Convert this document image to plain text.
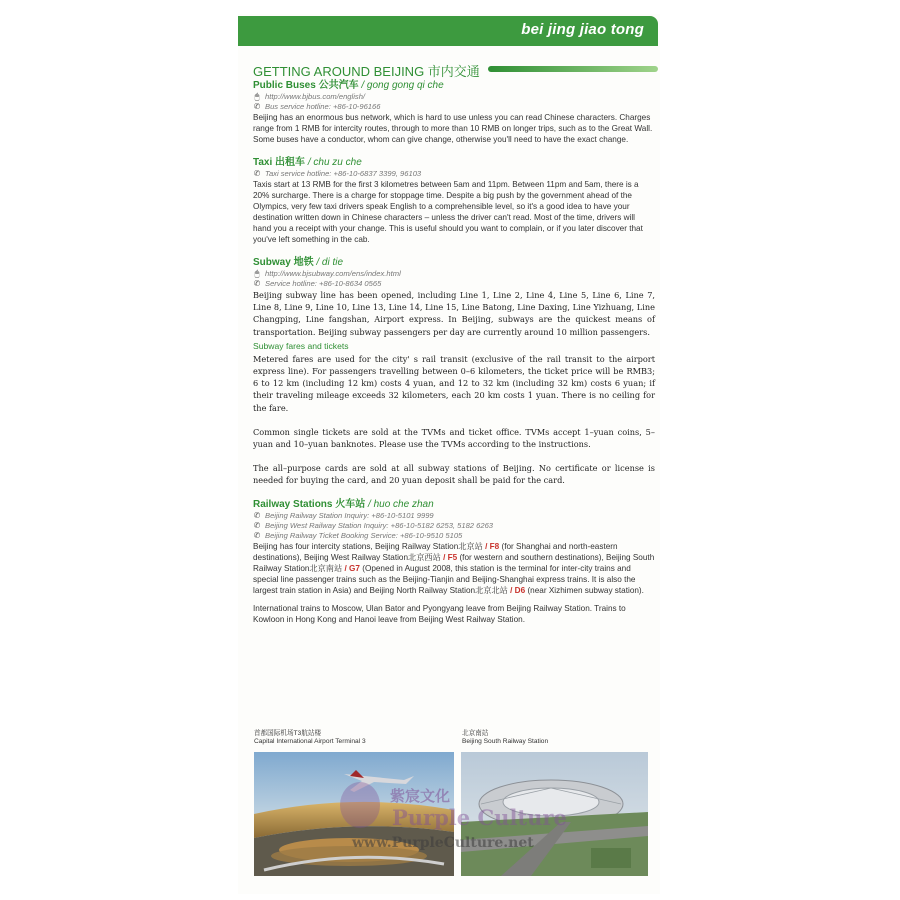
bei jing jiao tong
GETTING AROUND BEIJING 市内交通
Public Buses 公共汽车 / gong gong qi che
🖱 http://www.bjbus.com/english/
✆ Bus service hotline: +86-10-96166

Beijing has an enormous bus network, which is hard to use unless you can read Chinese characters. Charges range from 1 RMB for intercity routes, through to more than 10 RMB on longer trips, such as to the Great Wall. Some buses have a conductor, whom can give change, otherwise you'll need to have the exact change.

Taxi 出租车 / chu zu che
✆ Taxi service hotline: +86-10-6837 3399, 96103

Taxis start at 13 RMB for the first 3 kilometres between 5am and 11pm. Between 11pm and 5am, there is a 20% surcharge. There is a charge for stoppage time. Despite a big push by the government ahead of the Olympics, very few taxi drivers speak English to a comprehensible level, so it's a good idea to have your destination written down in Chinese characters – unless the driver can't read. Most of the time, drivers will hand you a receipt with your change. This is useful should you want to complain, or if you later discover that you've left something in the cab.

Subway 地铁 / di tie
🖱 http://www.bjsubway.com/ens/index.html
✆ Service hotline: +86-10-8634 0565

Beijing subway line has been opened, including Line 1, Line 2, Line 4, Line 5, Line 6, Line 7, Line 8, Line 9, Line 10, Line 13, Line 14, Line 15, Line Batong, Line Daxing, Line Yizhuang, Line Changping, Line fangshan, Airport express. In Beijing, subways are the quickest means of transportation. Beijing subway passengers per day are currently around 10 million passengers.

Subway fares and tickets

Metered fares are used for the city' s rail transit (exclusive of the rail transit to the airport express line). For passengers travelling between 0–6 kilometers, the ticket price will be RMB3; 6 to 12 km (including 12 km) costs 4 yuan, and 12 to 32 km (including 32 km) costs 6 yuan; if their traveling mileage exceeds 32 kilometers, each 20 km costs 1 yuan. There is no ceiling for the fare.

Common single tickets are sold at the TVMs and ticket office. TVMs accept 1–yuan coins, 5–yuan and 10–yuan banknotes. Please use the TVMs according to the instructions.

The all–purpose cards are sold at all subway stations of Beijing. No certificate or license is needed for buying the card, and 20 yuan deposit shall be paid for the card.

Railway Stations 火车站 / huo che zhan
✆ Beijing Railway Station Inquiry: +86-10-5101 9999
✆ Beijing West Railway Station Inquiry: +86-10-5182 6253, 5182 6263
✆ Beijing Railway Ticket Booking Service: +86-10-9510 5105

Beijing has four intercity stations, Beijing Railway Station北京站 / F8 (for Shanghai and north-eastern destinations), Beijing West Railway Station北京西站 / F5 (for western and southern destinations), Beijing South Railway Station北京南站 / G7 (Opened in August 2008, this station is the terminal for inter-city trains and special line passenger trains such as the Beijing-Tianjin and Beijing-Shanghai express trains. It is also the largest train station in Asia) and Beijing North Railway Station北京北站 / D6 (near Xizhimen subway station).

International trains to Moscow, Ulan Bator and Pyongyang leave from Beijing Railway Station. Trains to Kowloon in Hong Kong and Hanoi leave from Beijing West Railway Station.

首都国际机场T3航站楼
Capital International Airport Terminal 3
北京南站
Beijing South Railway Station
紫宸文化
Purple Culture
www.PurpleCulture.net
